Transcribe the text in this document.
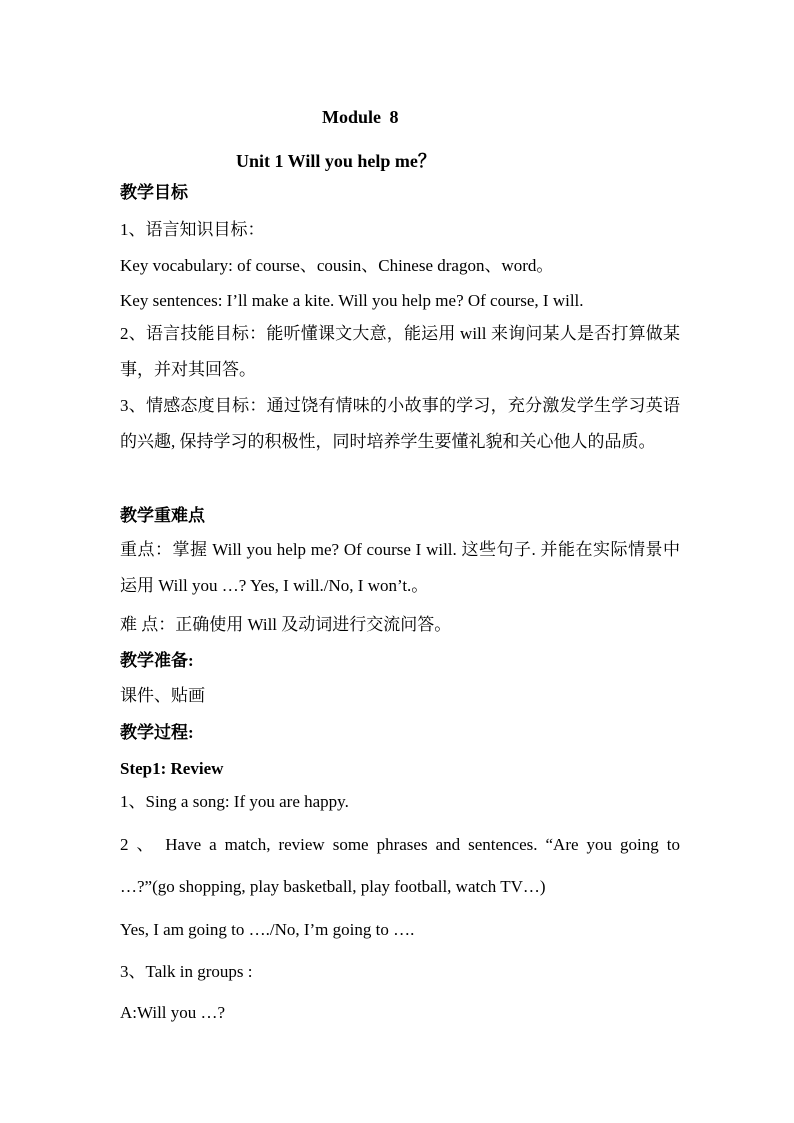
Module 8
Unit 1 Will you help me？
教学目标
1、语言知识目标：
Key vocabulary: of course、cousin、Chinese dragon、word。
Key sentences: I’ll make a kite. Will you help me? Of course, I will.
2、语言技能目标：能听懂课文大意，能运用 will 来询问某人是否打算做某事，并对其回答。
3、情感态度目标：通过饶有情味的小故事的学习，充分激发学生学习英语的兴趣, 保持学习的积极性，同时培养学生要懂礼貌和关心他人的品质。
教学重难点
重点：掌握 Will you help me? Of course I will. 这些句子. 并能在实际情景中运用 Will you …? Yes, I will./No, I won’t.。
难 点：正确使用 Will 及动词进行交流问答。
教学准备:
课件、贴画
教学过程:
Step1: Review
1、Sing a song: If you are happy.
2 、 Have a match, review some phrases and sentences. “Are you going to …?”(go shopping, play basketball, play football, watch TV…)
Yes, I am going to …./No, I’m going to ….
3、Talk in groups :
A:Will you …?
